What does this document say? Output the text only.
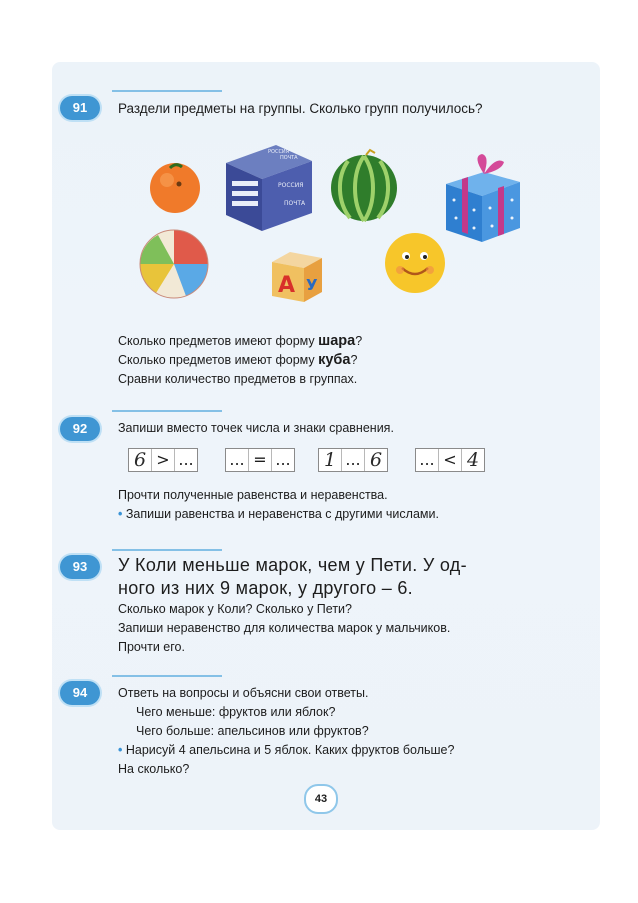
91	Раздели предметы на группы. Сколько групп получилось?
РОССИЯ
ПОЧТА
РОССИЯ
ПОЧТА
А У
Сколько предметов имеют форму шара?
Сколько предметов имеют форму куба?
Сравни количество предметов в группах.
92	Запиши вместо точек числа и знаки сравнения.
6 > ... ... = ... 1 ... 6	... < 4
Прочти полученные равенства и неравенства.
• Запиши равенства и неравенства с другими числами.
93	У Коли меньше марок, чем у Пети. У од-
ного из них 9 марок, у другого – 6.
Сколько марок у Коли? Сколько у Пети?
Запиши неравенство для количества марок у мальчиков.
Прочти его.
94	Ответь на вопросы и объясни свои ответы.
Чего меньше: фруктов или яблок?
Чего больше: апельсинов или фруктов?
• Нарисуй 4 апельсина и 5 яблок. Каких фруктов больше?
На сколько?
43
